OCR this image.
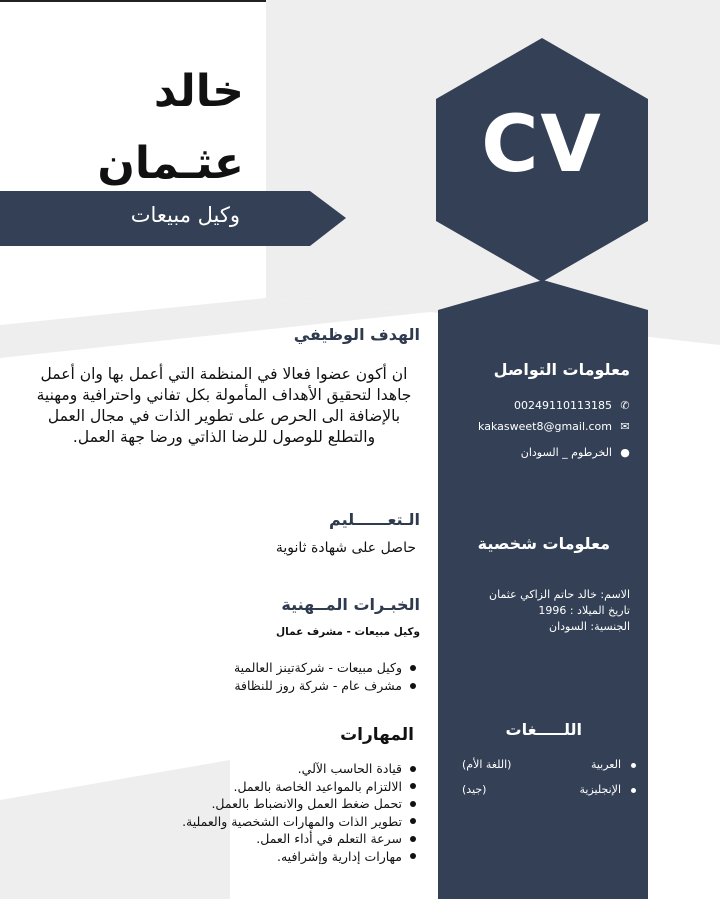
CV
خالد
عثـمان
وكيل مبيعات
معلومات التواصل
✆00249110113185
✉kakasweet8@gmail.com
●الخرطوم _ السودان
معلومات شخصية
الاسم: خالد حاتم الزاكي عثمان
تاريخ الميلاد : 1996
الجنسية: السودان
اللـــــغات
العربية
(اللغة الأم)
الإنجليزية
(جيد)
الهدف الوظيفي
ان أكون عضوا فعالا في المنظمة التي أعمل بها وان أعمل جاهدا لتحقيق الأهداف المأمولة بكل تفاني واحترافية ومهنية بالإضافة الى الحرص على تطوير الذات في مجال العمل والتطلع للوصول للرضا الذاتي ورضا جهة العمل.
الـتعــــــليم
حاصل على شهادة ثانوية
الخبـرات المــهنية
وكيل مبيعات - مشرف عمال
وكيل مبيعات - شركةتينز العالمية
مشرف عام - شركة روز للنظافة
المهارات
قيادة الحاسب الآلي.
الالتزام بالمواعيد الخاصة بالعمل.
تحمل ضغط العمل والانضباط بالعمل.
تطوير الذات والمهارات الشخصية والعملية.
سرعة التعلم في أداء العمل.
مهارات إدارية وإشرافيه.
